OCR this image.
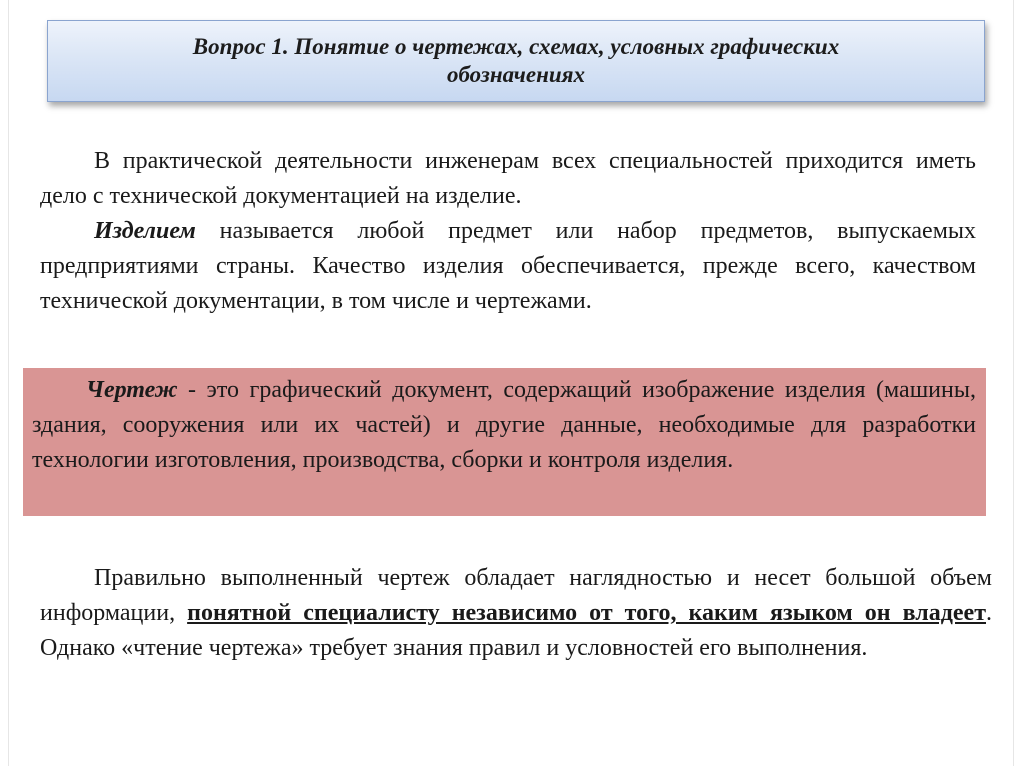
Вопрос 1. Понятие о чертежах, схемах, условных графических
обозначениях

В практической деятельности инженерам всех специальностей приходится иметь дело с технической документацией на изделие.

Изделием называется любой предмет или набор предметов, выпускаемых предприятиями страны. Качество изделия обеспечивается, прежде всего, качеством технической документации, в том числе и чертежами.

Чертеж - это графический документ, содержащий изображение изделия (машины, здания, сооружения или их частей) и другие данные, необходимые для разработки технологии изготовления, производства, сборки и контроля изделия.

Правильно выполненный чертеж обладает наглядностью и несет большой объем информации, понятной специалисту независимо от того, каким языком он владеет. Однако «чтение чертежа» требует знания правил и условностей его выполнения.
